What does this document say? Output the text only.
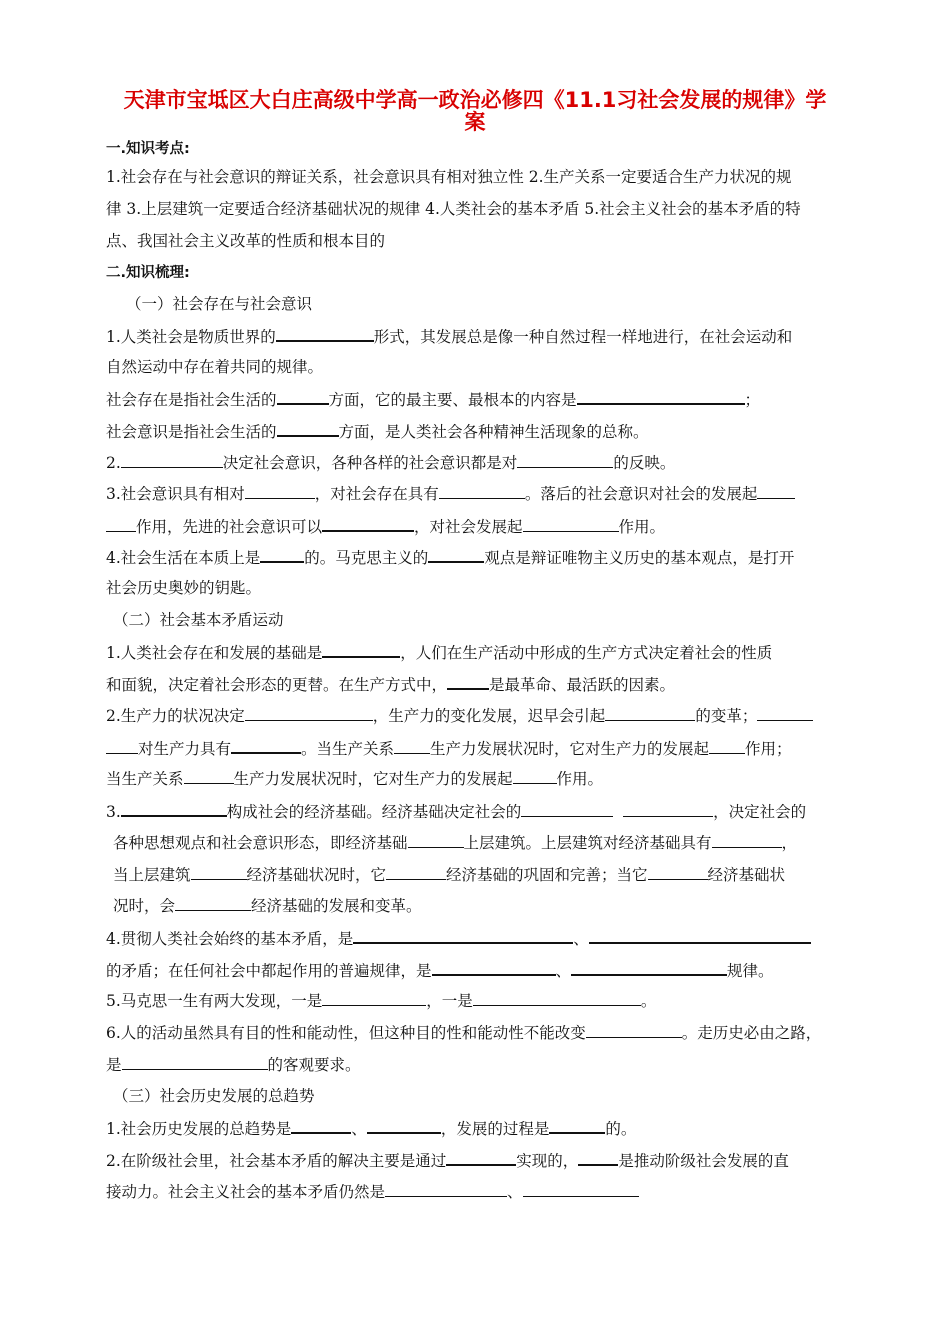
天津市宝坻区大白庄高级中学高一政治必修四《11.1习社会发展的规律》学
案
一.知识考点:
1.社会存在与社会意识的辩证关系，社会意识具有相对独立性 2.生产关系一定要适合生产力状况的规
律 3.上层建筑一定要适合经济基础状况的规律 4.人类社会的基本矛盾 5.社会主义社会的基本矛盾的特
点、我国社会主义改革的性质和根本目的
二.知识梳理:
（一）社会存在与社会意识
1.人类社会是物质世界的	形式，其发展总是像一种自然过程一样地进行，在社会运动和
自然运动中存在着共同的规律。
社会存在是指社会生活的	方面，它的最主要、最根本的内容是	；
社会意识是指社会生活的	方面，是人类社会各种精神生活现象的总称。
2.	决定社会意识，各种各样的社会意识都是对	的反映。
3.社会意识具有相对	，对社会存在具有	。落后的社会意识对社会的发展起
作用，先进的社会意识可以	，对社会发展起	作用。
4.社会生活在本质上是	的。马克思主义的	观点是辩证唯物主义历史的基本观点，是打开
社会历史奥妙的钥匙。
（二）社会基本矛盾运动
1.人类社会存在和发展的基础是	，人们在生产活动中形成的生产方式决定着社会的性质
和面貌，决定着社会形态的更替。在生产方式中，	是最革命、最活跃的因素。
2.生产力的状况决定	，生产力的变化发展，迟早会引起	的变革；
对生产力具有	。当生产关系 生产力发展状况时，它对生产力的发展起 作用；
当生产关系	生产力发展状况时，它对生产力的发展起	作用。
3.	构成社会的经济基础。经济基础决定社会的	，决定社会的
各种思想观点和社会意识形态，即经济基础	上层建筑。上层建筑对经济基础具有	，
当上层建筑	经济基础状况时，它	经济基础的巩固和完善；当它	经济基础状
况时，会	经济基础的发展和变革。
4.贯彻人类社会始终的基本矛盾，是	、
的矛盾；在任何社会中都起作用的普遍规律，是	、	规律。
5.马克思一生有两大发现，一是	，一是	。
6.人的活动虽然具有目的性和能动性，但这种目的性和能动性不能改变	。走历史必由之路，
是	的客观要求。
（三）社会历史发展的总趋势
1.社会历史发展的总趋势是	、	，发展的过程是	的。
2.在阶级社会里，社会基本矛盾的解决主要是通过	实现的，	是推动阶级社会发展的直
接动力。社会主义社会的基本矛盾仍然是	、
